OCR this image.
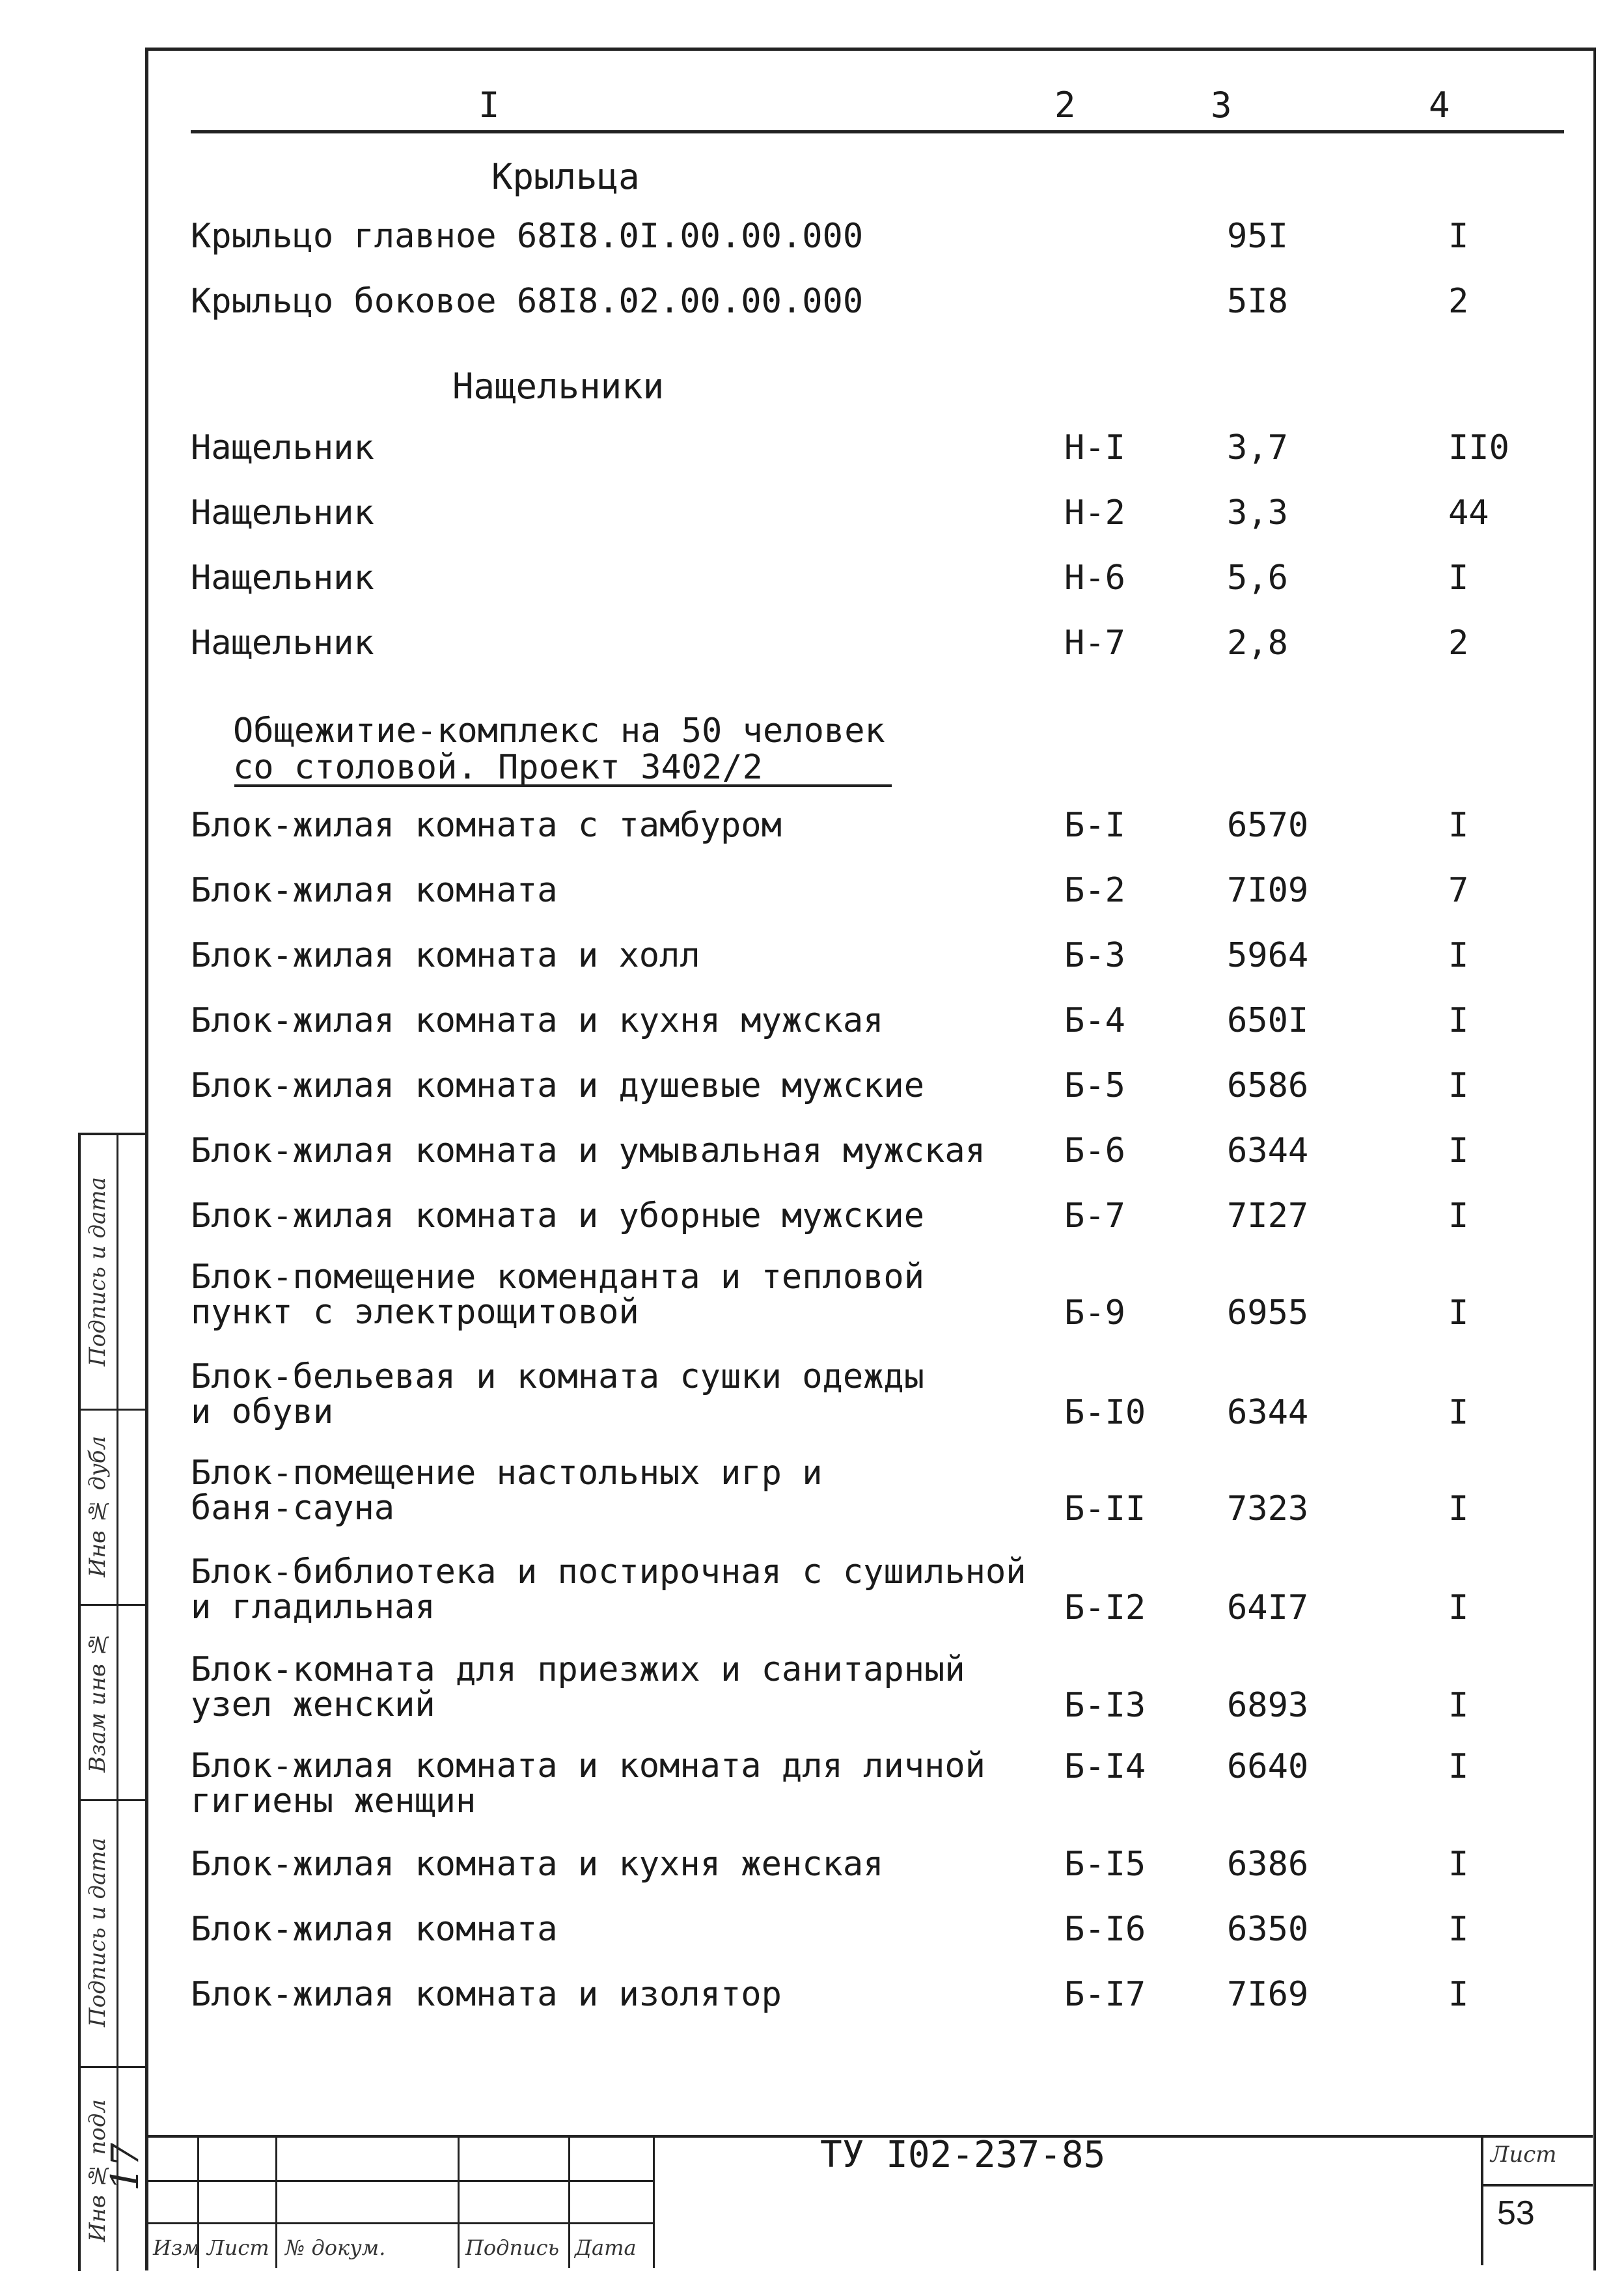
I	2	3	4
Крыльца
Крыльцо главное 68I8.0I.00.00.000	95I	I
Крыльцо боковое 68I8.02.00.00.000	5I8	2
Нащельники
Нащельник	Н-I	3,7	II0
Нащельник	Н-2	3,3	44
Нащельник	Н-6	5,6	I
Нащельник	Н-7	2,8	2
Общежитие-комплекс на 50 человек
со столовой. Проект 3402/2
Блок-жилая комната с тамбуром	Б-I	6570	I
Блок-жилая комната	Б-2	7I09	7
Блок-жилая комната и холл	Б-3	5964	I
Блок-жилая комната и кухня мужская	Б-4	650I	I
Блок-жилая комната и душевые мужские	Б-5	6586	I
Блок-жилая комната и умывальная мужская Б-6	6344	I
Блок-жилая комната и уборные мужские	Б-7	7I27	I
Блок-помещение коменданта и тепловой
пункт с электрощитовой	Б-9	6955	I
Блок-бельевая и комната сушки одежды
и обуви	Б-I0 6344	I
Блок-помещение настольных игр и
баня-сауна	Б-II 7323	I
Блок-библиотека и постирочная с сушильной
и гладильная	Б-I2 64I7	I
Блок-комната для приезжих и санитарный
узел женский	Б-I3 6893	I
Блок-жилая комната и комната для личной
гигиены женщин
Б-I4 6640	I
Блок-жилая комната и кухня женская	Б-I5 6386	I
Блок-жилая комната	Б-I6 6350	I
Блок-жилая комната и изолятор	Б-I7 7I69	I
Подпись и дата
Инв № дубл
Взам инв №
Подпись и дата
Инв № подл
17
Изм Лист № докум.	Подпись Дата
ТУ I02-237-85	Лист
53
